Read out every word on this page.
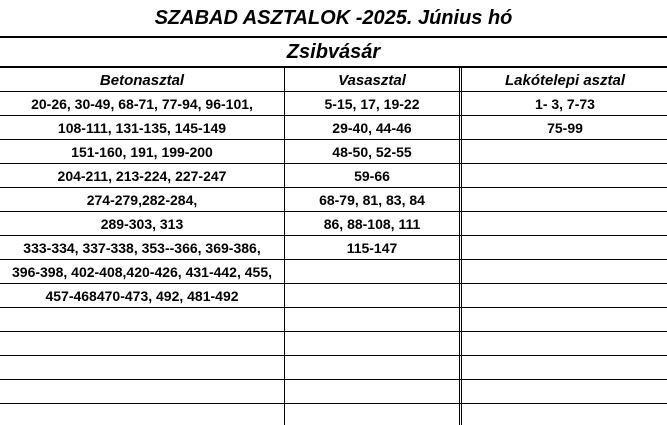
SZABAD ASZTALOK -2025. Június hó
Zsibvásár
Betonasztal	Vasasztal	Lakótelepi asztal
20-26, 30-49, 68-71, 77-94, 96-101,	5-15, 17, 19-22	1- 3, 7-73
108-111, 131-135, 145-149	29-40, 44-46	75-99
151-160, 191, 199-200	48-50, 52-55
204-211, 213-224, 227-247	59-66
274-279,282-284,	68-79, 81, 83, 84
289-303, 313	86, 88-108, 111
333-334, 337-338, 353--366, 369-386,	115-147
396-398, 402-408,420-426, 431-442, 455,
457-468470-473, 492, 481-492
